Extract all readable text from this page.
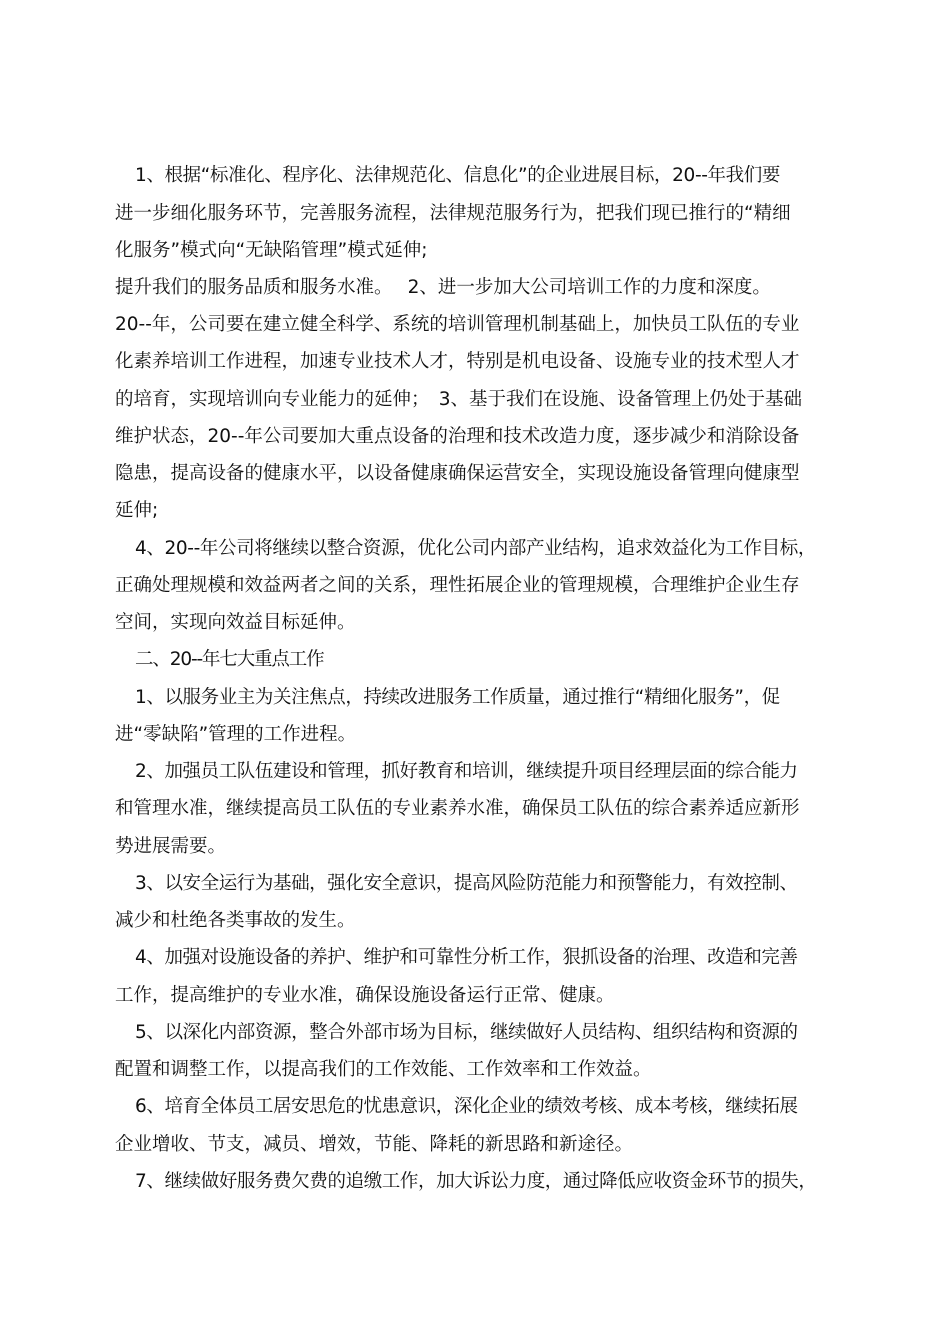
1、根据“标准化、程序化、法律规范化、信息化”的企业进展目标，20--年我们要
进一步细化服务环节，完善服务流程，法律规范服务行为，把我们现已推行的“精细
化服务”模式向“无缺陷管理”模式延伸;
提升我们的服务品质和服务水准。　 2、进一步加大公司培训工作的力度和深度。
20--年，公司要在建立健全科学、系统的培训管理机制基础上，加快员工队伍的专业
化素养培训工作进程，加速专业技术人才，特别是机电设备、设施专业的技术型人才
的培育，实现培训向专业能力的延伸；　3、基于我们在设施、设备管理上仍处于基础
维护状态，20--年公司要加大重点设备的治理和技术改造力度，逐步减少和消除设备
隐患，提高设备的健康水平，以设备健康确保运营安全，实现设施设备管理向健康型
延伸;
4、20--年公司将继续以整合资源，优化公司内部产业结构，追求效益化为工作目标，
正确处理规模和效益两者之间的关系，理性拓展企业的管理规模，合理维护企业生存
空间，实现向效益目标延伸。
二、20--年七大重点工作
1、以服务业主为关注焦点，持续改进服务工作质量，通过推行“精细化服务”，促
进“零缺陷”管理的工作进程。
2、加强员工队伍建设和管理，抓好教育和培训，继续提升项目经理层面的综合能力
和管理水准，继续提高员工队伍的专业素养水准，确保员工队伍的综合素养适应新形
势进展需要。
3、以安全运行为基础，强化安全意识，提高风险防范能力和预警能力，有效控制、
减少和杜绝各类事故的发生。
4、加强对设施设备的养护、维护和可靠性分析工作，狠抓设备的治理、改造和完善
工作，提高维护的专业水准，确保设施设备运行正常、健康。
5、以深化内部资源，整合外部市场为目标，继续做好人员结构、组织结构和资源的
配置和调整工作，以提高我们的工作效能、工作效率和工作效益。
6、培育全体员工居安思危的忧患意识，深化企业的绩效考核、成本考核，继续拓展
企业增收、节支，减员、增效，节能、降耗的新思路和新途径。
7、继续做好服务费欠费的追缴工作，加大诉讼力度，通过降低应收资金环节的损失，
